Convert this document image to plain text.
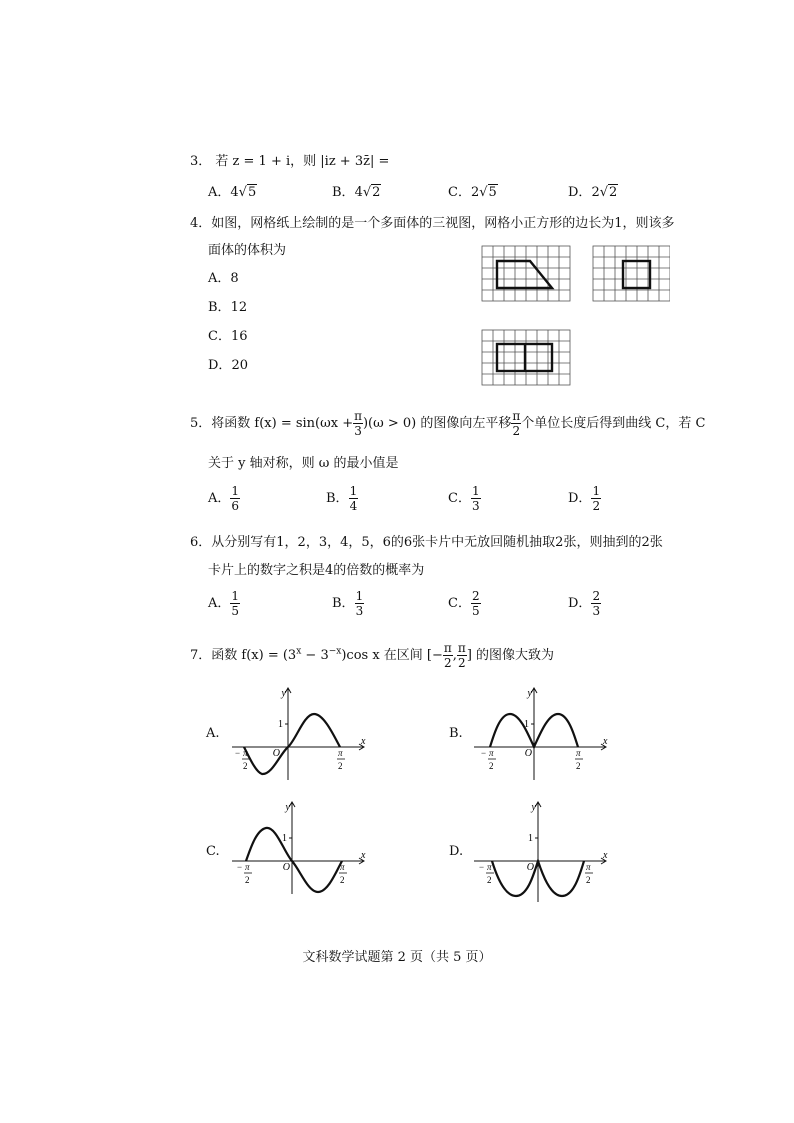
3． 若 z = 1 + i，则 |iz + 3z̄| =
A．4√5	B．4√2	C．2√5	D．2√2
4．如图，网格纸上绘制的是一个多面体的三视图，网格小正方形的边长为1，则该多
面体的体积为
A．8
B．12
C．16
D．20
5．将函数 $f(x) = \sin(\omega x + \frac{\pi}{3} )(\omega > 0)$ 的图像向左平移 $\frac{\pi}{2}$ 个单位长度后得到曲线 C，若 C
关于 y 轴对称，则 ω 的最小值是
A． $\frac{1}{6}$	B． $\frac{1}{4}$	C． $\frac{1}{3}$	D． $\frac{1}{2}$
6．从分别写有1，2，3，4，5，6的6张卡片中无放回随机抽取2张，则抽到的2张
卡片上的数字之积是4的倍数的概率为
A． $\frac{1}{5}$	B． $\frac{1}{3}$	C． $\frac{2}{5}$	D． $\frac{2}{3}$
7．函数 $f(x) = (3^x - 3^{-x})\cos$ x 在区间 [− $\frac{\pi}{2}$ , $\frac{\pi}{2}$ ] 的图像大致为
A.
y
x
O
1
− π
2
π
2
B.
y
x
O
1
− π
2
π
2
C.
y
x
O
1
− π
2
π
2
D.
y
x
O
1
− π
2
π
2
文科数学试题第 2 页（共 5 页）
